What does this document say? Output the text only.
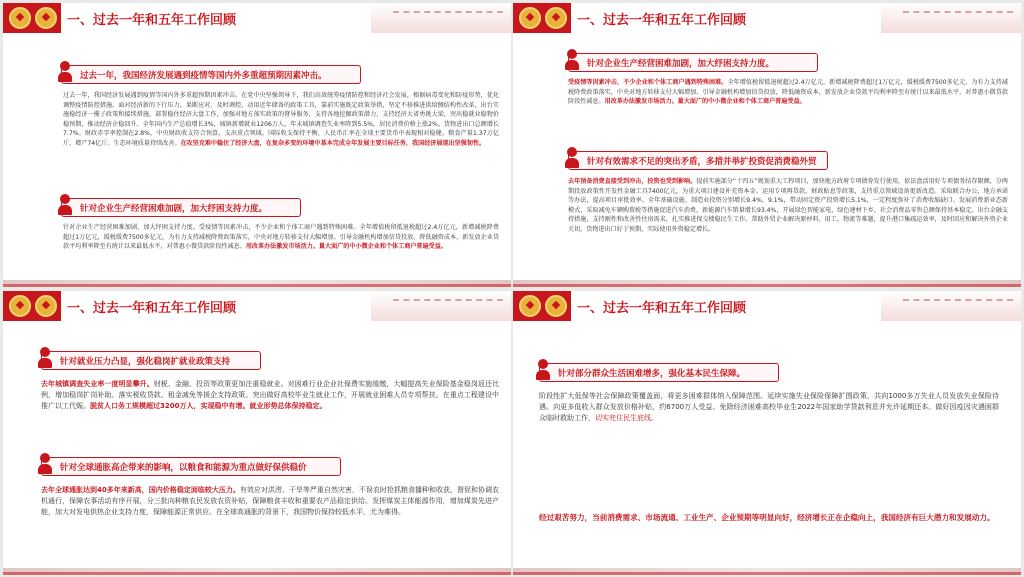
一、过去一年和五年工作回顾
过去一年，我国经济发展遇到疫情等国内外多重超预期因素冲击。
过去一年，我国经济发展遇到疫情等国内外多重超预期因素冲击。在党中央坚强领导下，我们高效统筹疫情防控和经济社会发展，根据病毒变化和防疫形势，优化调整疫情防控措施。面对经济新的下行压力，果断应对、及时调控，动用近年储备的政策工具，靠前实施既定政策举措，坚定不移推进供给侧结构性改革，出台实施稳经济一揽子政策和接续措施，部署稳住经济大盘工作，加强对地方落实政策的督导服务，支持各地挖掘政策潜力，支持经济大省勇挑大梁，突出稳就业稳物价稳预期，推动经济企稳回升。全年国内生产总值增长3%，城镇新增就业1206万人，年末城镇调查失业率降到5.5%，居民消费价格上涨2%。货物进出口总额增长7.7%。财政赤字率控制在2.8%，中央财政收支符合预算，支出重点领域。国际收支保持平衡，人民币汇率在全球主要货币中表现相对稳健。粮食产量1.37万亿斤，增产74亿斤。生态环境质量持续改善。在攻坚克难中稳住了经济大盘，在复杂多变的环境中基本完成全年发展主要目标任务，我国经济展现出坚强韧性。
针对企业生产经营困难加剧，加大纾困支持力度。
针对企业生产经营困难加剧，加大纾困支持力度。受疫情等因素冲击，不少企业和个体工商户遇到特殊困难。全年增值税留抵退税超过2.4万亿元，新增减税降费超过1万亿元，缓税缓费7500多亿元。为有力支持减税降费政策落实，中央对地方转移支付大幅增加。引导金融机构增加信贷投放，降低融资成本，新发放企业贷款平均利率降至有统计以来最低水平，对普惠小微贷款阶段性减息。用改革办法激发市场活力。量大面广的中小微企业和个体工商户普遍受益。
一、过去一年和五年工作回顾
针对企业生产经营困难加剧，加大纾困支持力度。
受疫情等因素冲击，不少企业和个体工商户遇到特殊困难。全年增值税留抵退税超过2.4万亿元，新增减税降费超过1万亿元，缓税缓费7500多亿元，为有力支持减税降费政策落实，中央对地方转移支付大幅增加。引导金融机构增加信贷投放，降低融资成本，新发放企业贷款平均利率降至有统计以来最低水平，对普惠小微贷款阶段性减息。用改革办法激发市场活力。量大面广的中小微企业和个体工商户普遍受益。
针对有效需求不足的突出矛盾，多措并举扩投资促消费稳外贸
去年预备消费直接受到冲击，投资也受到影响。提前实施部分“十四五”规划重大工程项目，加快地方政府专项债券发行使用，依法盘活用好专项债务结存限额，分两期投放政策性开发性金融工具7400亿元，为重大项目建设补充资本金。运用专项再贷款、财政贴息等政策，支持重点领域设备更新改造。采取联合办公、地方承诺等办法，提高项目审批效率。全年基础设施、制造业投资分别增长9.4%、9.1%，带动固定资产投资增长5.1%，一定程度弥补了消费收缩缺口。发展消费新业态新模式，采取减免车辆购置税等措施促进汽车消费，新能源汽车销量增长93.4%，开展绿色智能家电、绿色建材下乡，社会消费品零售总额保持基本稳定。出台金融支持措施，支持刚性和改善性住房需求，扎实推进保交楼稳民生工作。帮助外贸企业解决原材料、用工、物流等难题，提升港口集疏运效率，及时回应和解决外资企业关切，货物进出口好于预期，实际使用外资稳定增长。
一、过去一年和五年工作回顾
针对就业压力凸显，强化稳岗扩就业政策支持
去年城镇调查失业率一度明显攀升。财税、金融、投资等政策更加注重稳就业。对困难行业企业社保费实施缓缴，大幅提高失业保险基金稳岗返还比例，增加稳岗扩岗补助。落实税收贷款、租金减免等援企支持政策。突出做好高校毕业生就业工作，开展就业困难人员专项帮扶。在重点工程建设中推广以工代赈。脱贫人口务工规模超过3200万人，实现稳中有增。就业形势总体保持稳定。
针对全球通胀高企带来的影响，以粮食和能源为重点做好保供稳价
去年全球通胀达到40多年来新高，国内价格稳定面临较大压力。有效应对洪涝、干旱等严重自然灾害，不误农时抢抓粮食播种和收获，督促和协调农机通行，保障农事活动有序开展，分三批向种粮农民发放农资补贴，保障粮食丰收和重要农产品稳定供给。发挥煤炭主体能源作用，增加煤炭先进产能，加大对发电供热企业支持力度，保障能源正常供应。在全球高通胀的背景下，我国物价保持较低水平，尤为难得。
一、过去一年和五年工作回顾
针对部分群众生活困难增多，强化基本民生保障。
阶段性扩大低保等社会保障政策覆盖面，将更多困难群体纳入保障范围。延续实施失业保险保障扩围政策，共向1000多万失业人员发放失业保险待遇。向更多低收入群众发放价格补贴，约6700万人受益。免除经济困难高校毕业生2022年国家助学贷款利息并允许延期还本。做好因疫因灾遇困群众临时救助工作，切实兜住民生底线。
经过艰苦努力，当前消费需求、市场流通、工业生产、企业预期等明显向好，经济增长正在企稳向上，我国经济有巨大潜力和发展动力。
